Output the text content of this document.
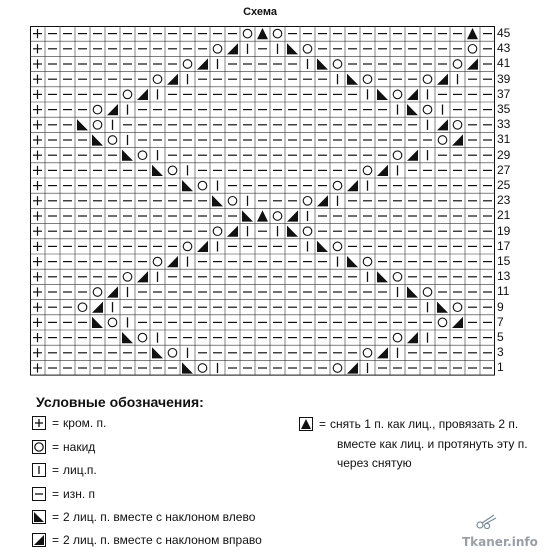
Схема
45
43
41
39
37
35
33
31
29
27
25
23
21
19
17
15
13
11
9
7
5
3
1
Условные обозначения:
= кром. п.
= накид
= лиц.п.
= изн. п
= 2 лиц. п. вместе с наклоном влево
= 2 лиц. п. вместе с наклоном вправо
= снять 1 п. как лиц., провязать 2 п.
вместе как лиц. и протянуть эту п.
через снятую
Tkaner.info
